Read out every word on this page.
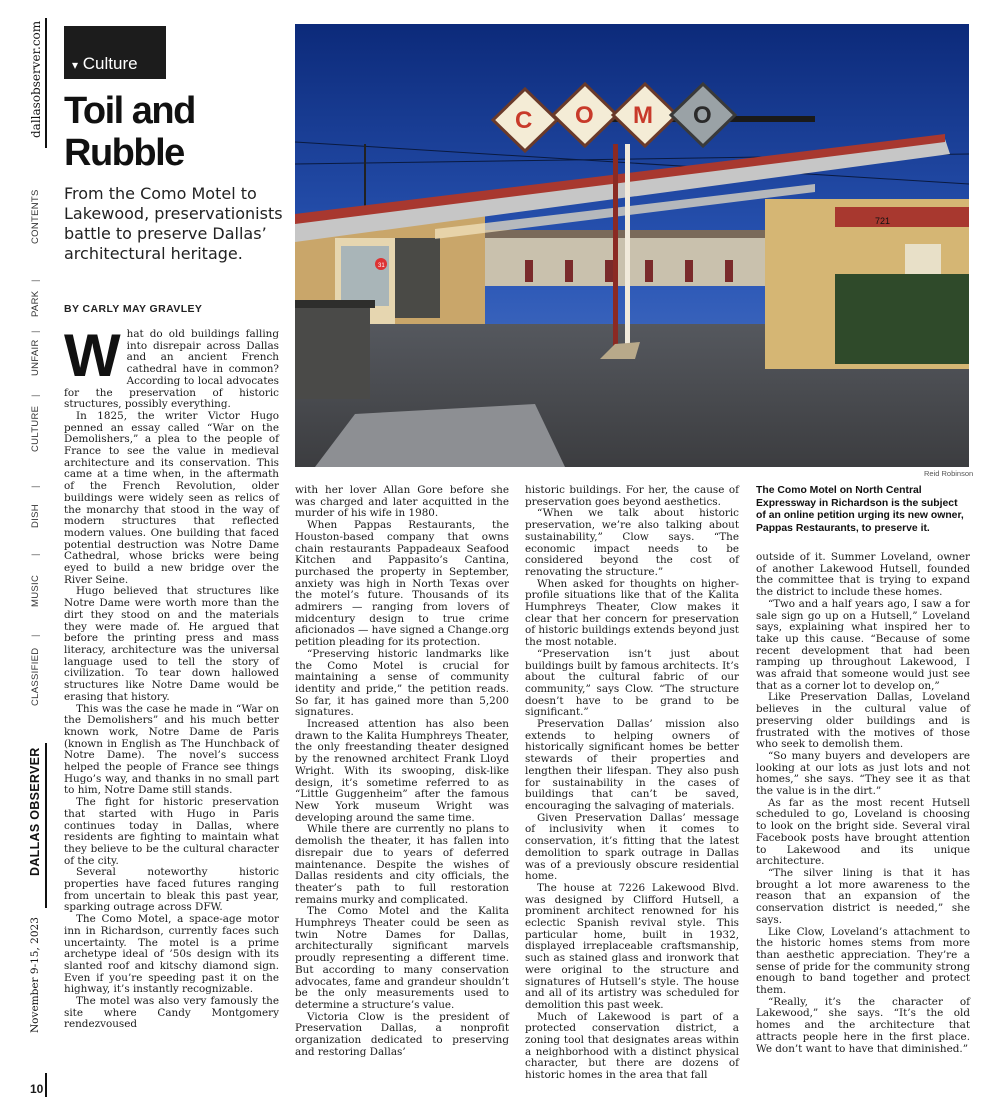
dallasobserver.com
CONTENTS
|
PARK
|
UNFAIR
|
CULTURE
|
DISH
|
MUSIC
|
CLASSIFIED
DALLAS OBSERVER
November 9-15, 2023
10
▾ Culture
Toil and Rubble

From the Como Motel to Lakewood, preservationists battle to preserve Dallas’ architectural heritage.

BY CARLY MAY GRAVLEY

What do old buildings falling into disrepair across Dallas and an ancient French cathedral have in common? According to local advocates for the preservation of historic structures, possibly everything.

In 1825, the writer Victor Hugo penned an essay called “War on the Demolishers,” a plea to the people of France to see the value in medieval architecture and its conservation. This came at a time when, in the aftermath of the French Revolution, older buildings were widely seen as relics of the monarchy that stood in the way of modern structures that reflected modern values. One building that faced potential destruction was Notre Dame Cathedral, whose bricks were being eyed to build a new bridge over the River Seine.

Hugo believed that structures like Notre Dame were worth more than the dirt they stood on and the materials they were made of. He argued that before the printing press and mass literacy, architecture was the universal language used to tell the story of civilization. To tear down hallowed structures like Notre Dame would be erasing that history.

This was the case he made in “War on the Demolishers” and his much better known work, Notre Dame de Paris (known in English as The Hunchback of Notre Dame). The novel’s success helped the people of France see things Hugo’s way, and thanks in no small part to him, Notre Dame still stands.

The fight for historic preservation that started with Hugo in Paris continues today in Dallas, where residents are fighting to maintain what they believe to be the cultural character of the city.

Several noteworthy historic properties have faced futures ranging from uncertain to bleak this past year, sparking outrage across DFW.

The Como Motel, a space-age motor inn in Richardson, currently faces such uncertainty. The motel is a prime archetype ideal of ’50s design with its slanted roof and kitschy diamond sign. Even if you’re speeding past it on the highway, it’s instantly recognizable.

The motel was also very famously the site where Candy Montgomery rendezvoused

31
721
C O M O
Reid Robinson

with her lover Allan Gore before she was charged and later acquitted in the murder of his wife in 1980.

When Pappas Restaurants, the Houston-based company that owns chain restaurants Pappadeaux Seafood Kitchen and Pappasito’s Cantina, purchased the property in September, anxiety was high in North Texas over the motel’s future. Thousands of its admirers — ranging from lovers of midcentury design to true crime aficionados — have signed a Change.org petition pleading for its protection.

“Preserving historic landmarks like the Como Motel is crucial for maintaining a sense of community identity and pride,” the petition reads. So far, it has gained more than 5,200 signatures.

Increased attention has also been drawn to the Kalita Humphreys Theater, the only freestanding theater designed by the renowned architect Frank Lloyd Wright. With its swooping, disk-like design, it’s sometime referred to as “Little Guggenheim” after the famous New York museum Wright was developing around the same time.

While there are currently no plans to demolish the theater, it has fallen into disrepair due to years of deferred maintenance. Despite the wishes of Dallas residents and city officials, the theater’s path to full restoration remains murky and complicated.

The Como Motel and the Kalita Humphreys Theater could be seen as twin Notre Dames for Dallas, architecturally significant marvels proudly representing a different time. But according to many conservation advocates, fame and grandeur shouldn’t be the only measurements used to determine a structure’s value.

Victoria Clow is the president of Preservation Dallas, a nonprofit organization dedicated to preserving and restoring Dallas’

historic buildings. For her, the cause of preservation goes beyond aesthetics.

“When we talk about historic preservation, we’re also talking about sustainability,” Clow says. “The economic impact needs to be considered beyond the cost of renovating the structure.”

When asked for thoughts on higher-profile situations like that of the Kalita Humphreys Theater, Clow makes it clear that her concern for preservation of historic buildings extends beyond just the most notable.

“Preservation isn’t just about buildings built by famous architects. It’s about the cultural fabric of our community,” says Clow. “The structure doesn’t have to be grand to be significant.”

Preservation Dallas’ mission also extends to helping owners of historically significant homes be better stewards of their properties and lengthen their lifespan. They also push for sustainability in the cases of buildings that can’t be saved, encouraging the salvaging of materials.

Given Preservation Dallas’ message of inclusivity when it comes to conservation, it’s fitting that the latest demolition to spark outrage in Dallas was of a previously obscure residential home.

The house at 7226 Lakewood Blvd. was designed by Clifford Hutsell, a prominent architect renowned for his eclectic Spanish revival style. This particular home, built in 1932, displayed irreplaceable craftsmanship, such as stained glass and ironwork that were original to the structure and signatures of Hutsell’s style. The house and all of its artistry was scheduled for demolition this past week.

Much of Lakewood is part of a protected conservation district, a zoning tool that designates areas within a neighborhood with a distinct physical character, but there are dozens of historic homes in the area that fall

The Como Motel on North Central Expressway in Richardson is the subject of an online petition urging its new owner, Pappas Restaurants, to preserve it.

outside of it. Summer Loveland, owner of another Lakewood Hutsell, founded the committee that is trying to expand the district to include these homes.

“Two and a half years ago, I saw a for sale sign go up on a Hutsell,” Loveland says, explaining what inspired her to take up this cause. “Because of some recent development that had been ramping up throughout Lakewood, I was afraid that someone would just see that as a corner lot to develop on,”

Like Preservation Dallas, Loveland believes in the cultural value of preserving older buildings and is frustrated with the motives of those who seek to demolish them.

“So many buyers and developers are looking at our lots as just lots and not homes,” she says. “They see it as that the value is in the dirt.”

As far as the most recent Hutsell scheduled to go, Loveland is choosing to look on the bright side. Several viral Facebook posts have brought attention to Lakewood and its unique architecture.

“The silver lining is that it has brought a lot more awareness to the reason that an expansion of the conservation district is needed,” she says.

Like Clow, Loveland’s attachment to the historic homes stems from more than aesthetic appreciation. They’re a sense of pride for the community strong enough to band together and protect them.

“Really, it’s the character of Lakewood,” she says. “It’s the old homes and the architecture that attracts people here in the first place. We don’t want to have that diminished.”
